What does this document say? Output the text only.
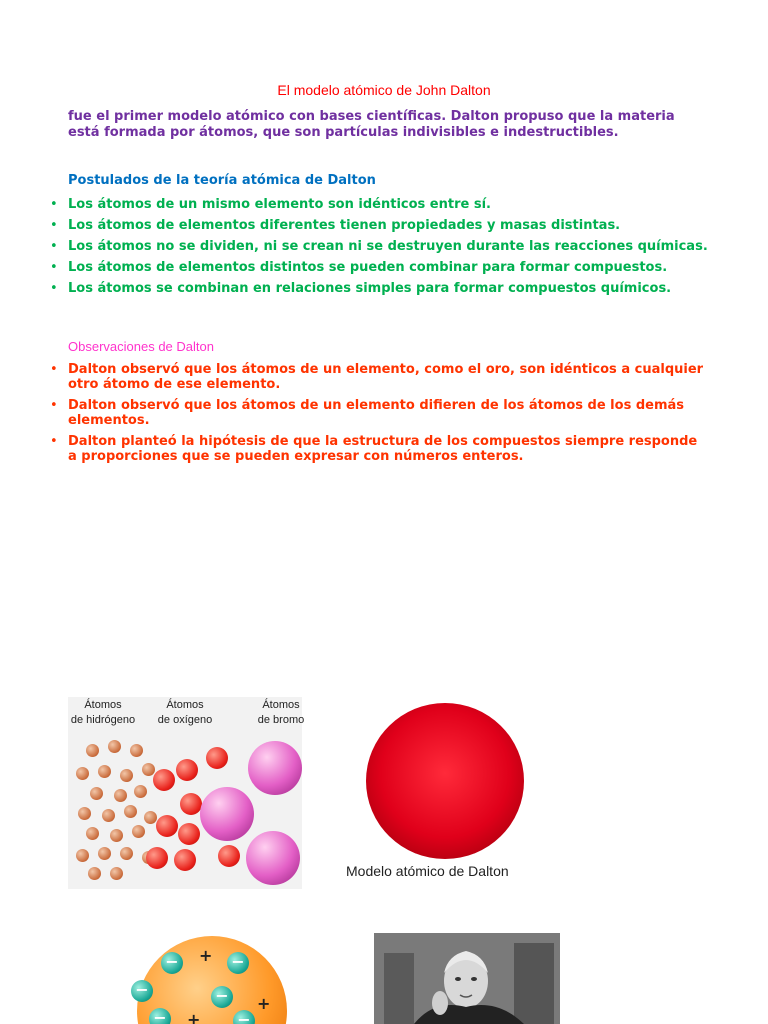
El modelo atómico de John Dalton
fue el primer modelo atómico con bases científicas. Dalton propuso que la materia está formada por átomos, que son partículas indivisibles e indestructibles.
Postulados de la teoría atómica de Dalton
• Los átomos de un mismo elemento son idénticos entre sí.
• Los átomos de elementos diferentes tienen propiedades y masas distintas.
• Los átomos no se dividen, ni se crean ni se destruyen durante las reacciones químicas.
• Los átomos de elementos distintos se pueden combinar para formar compuestos.
• Los átomos se combinan en relaciones simples para formar compuestos químicos.
Observaciones de Dalton
• Dalton observó que los átomos de un elemento, como el oro, son idénticos a cualquier otro átomo de ese elemento.
• Dalton observó que los átomos de un elemento difieren de los átomos de los demás elementos.
• Dalton planteó la hipótesis de que la estructura de los compuestos siempre responde a proporciones que se pueden expresar con números enteros.
Átomos
de hidrógeno
Átomos
de oxígeno
Átomos
de bromo
Modelo atómico de Dalton
−	−
−	−
−	−
+
+
+
